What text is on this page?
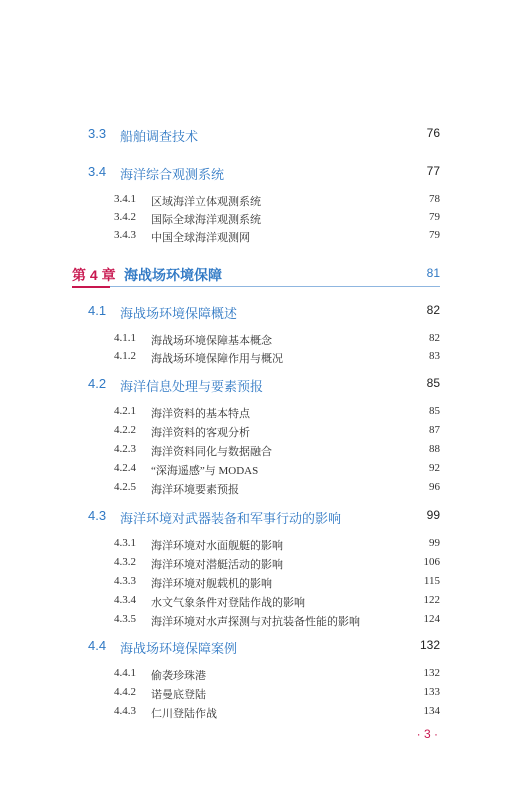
3.3 船舶调查技术	76
3.4 海洋综合观测系统	77
3.4.1 区域海洋立体观测系统	78
3.4.2 国际全球海洋观测系统	79
3.4.3 中国全球海洋观测网	79
第 4 章 海战场环境保障	81
4.1 海战场环境保障概述	82
4.1.1 海战场环境保障基本概念	82
4.1.2 海战场环境保障作用与概况	83
4.2 海洋信息处理与要素预报	85
4.2.1 海洋资料的基本特点	85
4.2.2 海洋资料的客观分析	87
4.2.3 海洋资料同化与数据融合	88
4.2.4 “深海遥感”与 MODAS	92
4.2.5 海洋环境要素预报	96
4.3 海洋环境对武器装备和军事行动的影响	99
4.3.1 海洋环境对水面舰艇的影响	99
4.3.2 海洋环境对潜艇活动的影响	106
4.3.3 海洋环境对舰载机的影响	115
4.3.4 水文气象条件对登陆作战的影响	122
4.3.5 海洋环境对水声探测与对抗装备性能的影响	124
4.4 海战场环境保障案例	132
4.4.1 偷袭珍珠港	132
4.4.2 诺曼底登陆	133
4.4.3 仁川登陆作战	134
· 3 ·
